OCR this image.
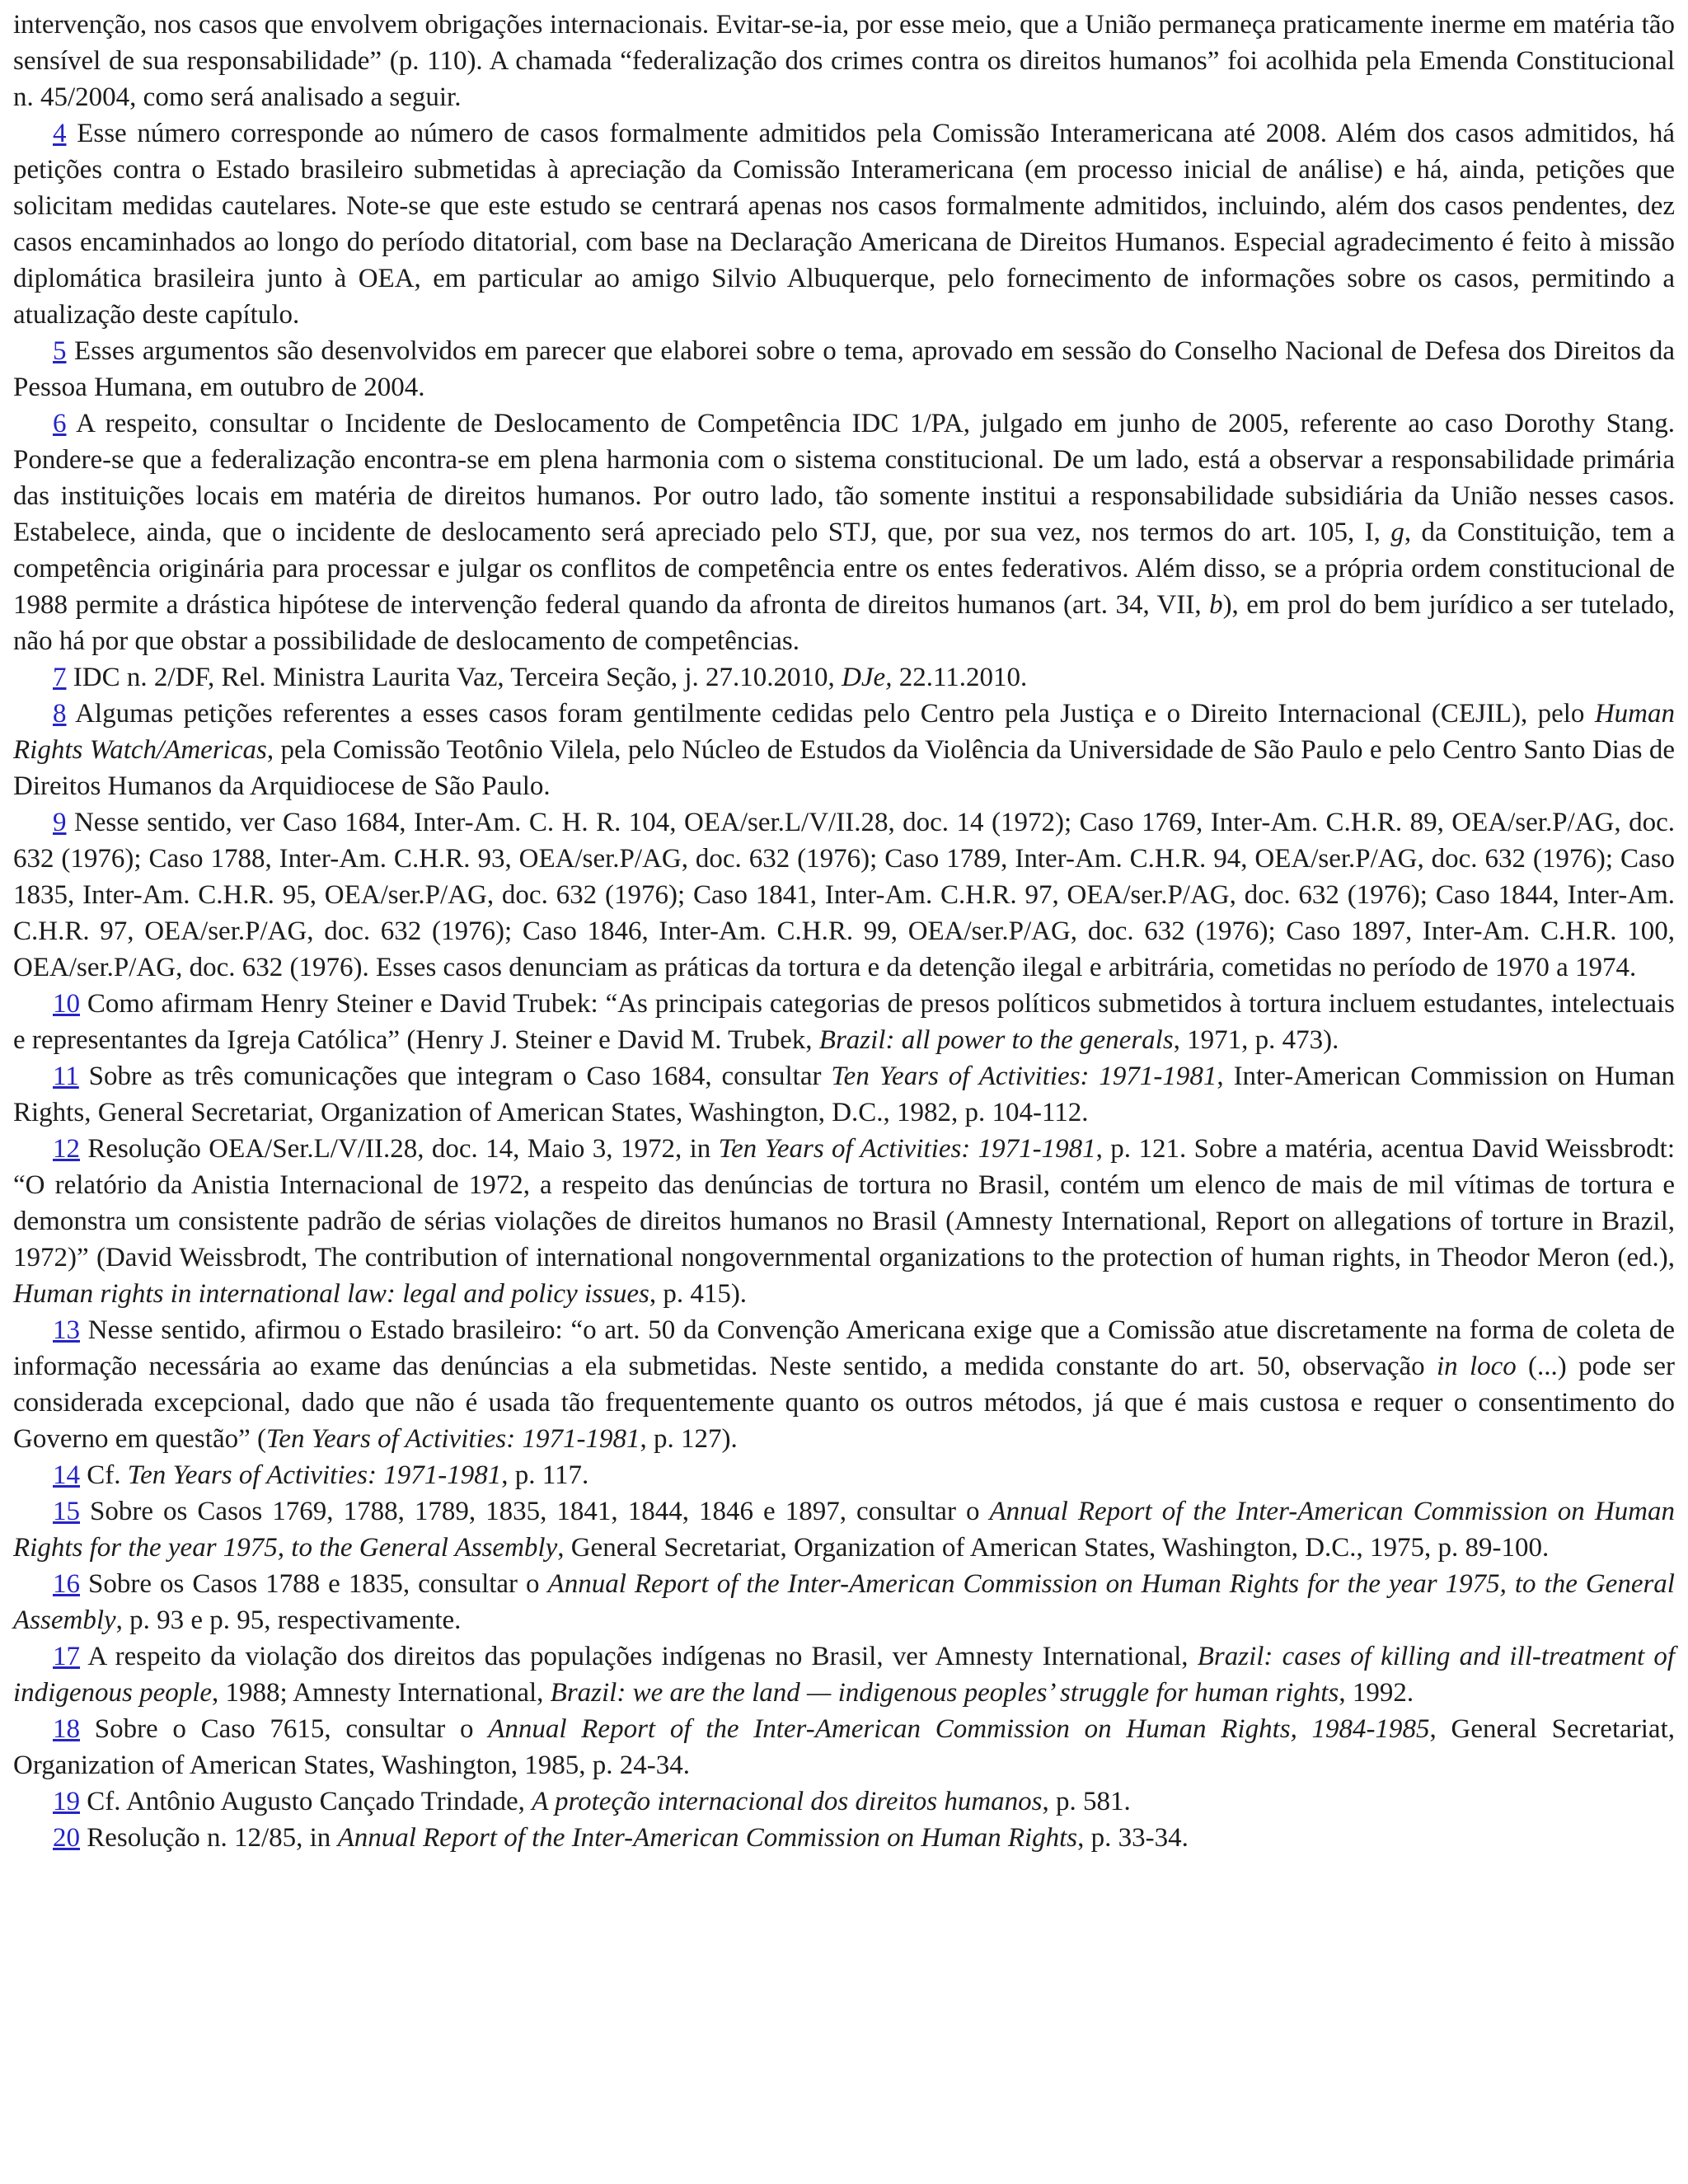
intervenção, nos casos que envolvem obrigações internacionais. Evitar-se-ia, por esse meio, que a União permaneça praticamente inerme em matéria tão sensível de sua responsabilidade” (p. 110). A chamada “federalização dos crimes contra os direitos humanos” foi acolhida pela Emenda Constitucional n. 45/2004, como será analisado a seguir.

4 Esse número corresponde ao número de casos formalmente admitidos pela Comissão Interamericana até 2008. Além dos casos admitidos, há petições contra o Estado brasileiro submetidas à apreciação da Comissão Interamericana (em processo inicial de análise) e há, ainda, petições que solicitam medidas cautelares. Note-se que este estudo se centrará apenas nos casos formalmente admitidos, incluindo, além dos casos pendentes, dez casos encaminhados ao longo do período ditatorial, com base na Declaração Americana de Direitos Humanos. Especial agradecimento é feito à missão diplomática brasileira junto à OEA, em particular ao amigo Silvio Albuquerque, pelo fornecimento de informações sobre os casos, permitindo a atualização deste capítulo.

5 Esses argumentos são desenvolvidos em parecer que elaborei sobre o tema, aprovado em sessão do Conselho Nacional de Defesa dos Direitos da Pessoa Humana, em outubro de 2004.

6 A respeito, consultar o Incidente de Deslocamento de Competência IDC 1/PA, julgado em junho de 2005, referente ao caso Dorothy Stang. Pondere-se que a federalização encontra-se em plena harmonia com o sistema constitucional. De um lado, está a observar a responsabilidade primária das instituições locais em matéria de direitos humanos. Por outro lado, tão somente institui a responsabilidade subsidiária da União nesses casos. Estabelece, ainda, que o incidente de deslocamento será apreciado pelo STJ, que, por sua vez, nos termos do art. 105, I, g, da Constituição, tem a competência originária para processar e julgar os conflitos de competência entre os entes federativos. Além disso, se a própria ordem constitucional de 1988 permite a drástica hipótese de intervenção federal quando da afronta de direitos humanos (art. 34, VII, b), em prol do bem jurídico a ser tutelado, não há por que obstar a possibilidade de deslocamento de competências.

7 IDC n. 2/DF, Rel. Ministra Laurita Vaz, Terceira Seção, j. 27.10.2010, DJe, 22.11.2010.

8 Algumas petições referentes a esses casos foram gentilmente cedidas pelo Centro pela Justiça e o Direito Internacional (CEJIL), pelo Human Rights Watch/Americas, pela Comissão Teotônio Vilela, pelo Núcleo de Estudos da Violência da Universidade de São Paulo e pelo Centro Santo Dias de Direitos Humanos da Arquidiocese de São Paulo.

9 Nesse sentido, ver Caso 1684, Inter-Am. C. H. R. 104, OEA/ser.L/V/II.28, doc. 14 (1972); Caso 1769, Inter-Am. C.H.R. 89, OEA/ser.P/AG, doc. 632 (1976); Caso 1788, Inter-Am. C.H.R. 93, OEA/ser.P/AG, doc. 632 (1976); Caso 1789, Inter-Am. C.H.R. 94, OEA/ser.P/AG, doc. 632 (1976); Caso 1835, Inter-Am. C.H.R. 95, OEA/ser.P/AG, doc. 632 (1976); Caso 1841, Inter-Am. C.H.R. 97, OEA/ser.P/AG, doc. 632 (1976); Caso 1844, Inter-Am. C.H.R. 97, OEA/ser.P/AG, doc. 632 (1976); Caso 1846, Inter-Am. C.H.R. 99, OEA/ser.P/AG, doc. 632 (1976); Caso 1897, Inter-Am. C.H.R. 100, OEA/ser.P/AG, doc. 632 (1976). Esses casos denunciam as práticas da tortura e da detenção ilegal e arbitrária, cometidas no período de 1970 a 1974.

10 Como afirmam Henry Steiner e David Trubek: “As principais categorias de presos políticos submetidos à tortura incluem estudantes, intelectuais e representantes da Igreja Católica” (Henry J. Steiner e David M. Trubek, Brazil: all power to the generals, 1971, p. 473).

11 Sobre as três comunicações que integram o Caso 1684, consultar Ten Years of Activities: 1971-1981, Inter-American Commission on Human Rights, General Secretariat, Organization of American States, Washington, D.C., 1982, p. 104-112.

12 Resolução OEA/Ser.L/V/II.28, doc. 14, Maio 3, 1972, in Ten Years of Activities: 1971-1981, p. 121. Sobre a matéria, acentua David Weissbrodt: “O relatório da Anistia Internacional de 1972, a respeito das denúncias de tortura no Brasil, contém um elenco de mais de mil vítimas de tortura e demonstra um consistente padrão de sérias violações de direitos humanos no Brasil (Amnesty International, Report on allegations of torture in Brazil, 1972)” (David Weissbrodt, The contribution of international nongovernmental organizations to the protection of human rights, in Theodor Meron (ed.), Human rights in international law: legal and policy issues, p. 415).

13 Nesse sentido, afirmou o Estado brasileiro: “o art. 50 da Convenção Americana exige que a Comissão atue discretamente na forma de coleta de informação necessária ao exame das denúncias a ela submetidas. Neste sentido, a medida constante do art. 50, observação in loco (...) pode ser considerada excepcional, dado que não é usada tão frequentemente quanto os outros métodos, já que é mais custosa e requer o consentimento do Governo em questão” (Ten Years of Activities: 1971-1981, p. 127).

14 Cf. Ten Years of Activities: 1971-1981, p. 117.

15 Sobre os Casos 1769, 1788, 1789, 1835, 1841, 1844, 1846 e 1897, consultar o Annual Report of the Inter-American Commission on Human Rights for the year 1975, to the General Assembly, General Secretariat, Organization of American States, Washington, D.C., 1975, p. 89-100.

16 Sobre os Casos 1788 e 1835, consultar o Annual Report of the Inter-American Commission on Human Rights for the year 1975, to the General Assembly, p. 93 e p. 95, respectivamente.

17 A respeito da violação dos direitos das populações indígenas no Brasil, ver Amnesty International, Brazil: cases of killing and ill-treatment of indigenous people, 1988; Amnesty International, Brazil: we are the land — indigenous peoples’ struggle for human rights, 1992.

18 Sobre o Caso 7615, consultar o Annual Report of the Inter-American Commission on Human Rights, 1984-1985, General Secretariat, Organization of American States, Washington, 1985, p. 24-34.

19 Cf. Antônio Augusto Cançado Trindade, A proteção internacional dos direitos humanos, p. 581.

20 Resolução n. 12/85, in Annual Report of the Inter-American Commission on Human Rights, p. 33-34.
